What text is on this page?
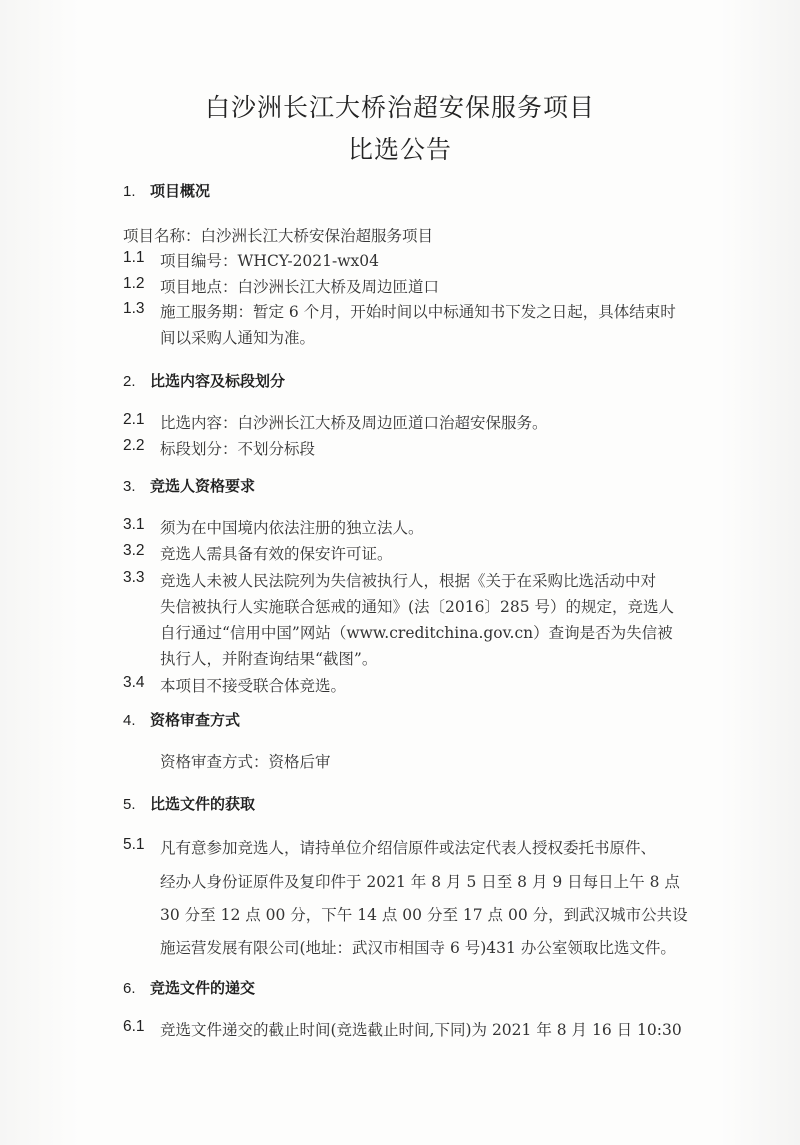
白沙洲长江大桥治超安保服务项目
比选公告
1. 项目概况
项目名称：白沙洲长江大桥安保治超服务项目
1.1 项目编号：WHCY-2021-wx04
1.2 项目地点：白沙洲长江大桥及周边匝道口
1.3 施工服务期：暂定 6 个月，开始时间以中标通知书下发之日起，具体结束时
间以采购人通知为准。
2. 比选内容及标段划分
2.1 比选内容：白沙洲长江大桥及周边匝道口治超安保服务。
2.2 标段划分：不划分标段
3. 竞选人资格要求
3.1 须为在中国境内依法注册的独立法人。
3.2 竞选人需具备有效的保安许可证。
3.3 竞选人未被人民法院列为失信被执行人，根据《关于在采购比选活动中对
失信被执行人实施联合惩戒的通知》(法〔2016〕285 号）的规定，竞选人
自行通过“信用中国”网站（www.creditchina.gov.cn）查询是否为失信被
执行人，并附查询结果“截图”。
3.4 本项目不接受联合体竞选。
4. 资格审查方式
资格审查方式：资格后审
5. 比选文件的获取
5.1 凡有意参加竞选人，请持单位介绍信原件或法定代表人授权委托书原件、
经办人身份证原件及复印件于 2021 年 8 月 5 日至 8 月 9 日每日上午 8 点
30 分至 12 点 00 分，下午 14 点 00 分至 17 点 00 分，到武汉城市公共设
施运营发展有限公司(地址：武汉市相国寺 6 号)431 办公室领取比选文件。
6. 竞选文件的递交
6.1 竞选文件递交的截止时间(竞选截止时间,下同)为 2021 年 8 月 16 日 10:30
